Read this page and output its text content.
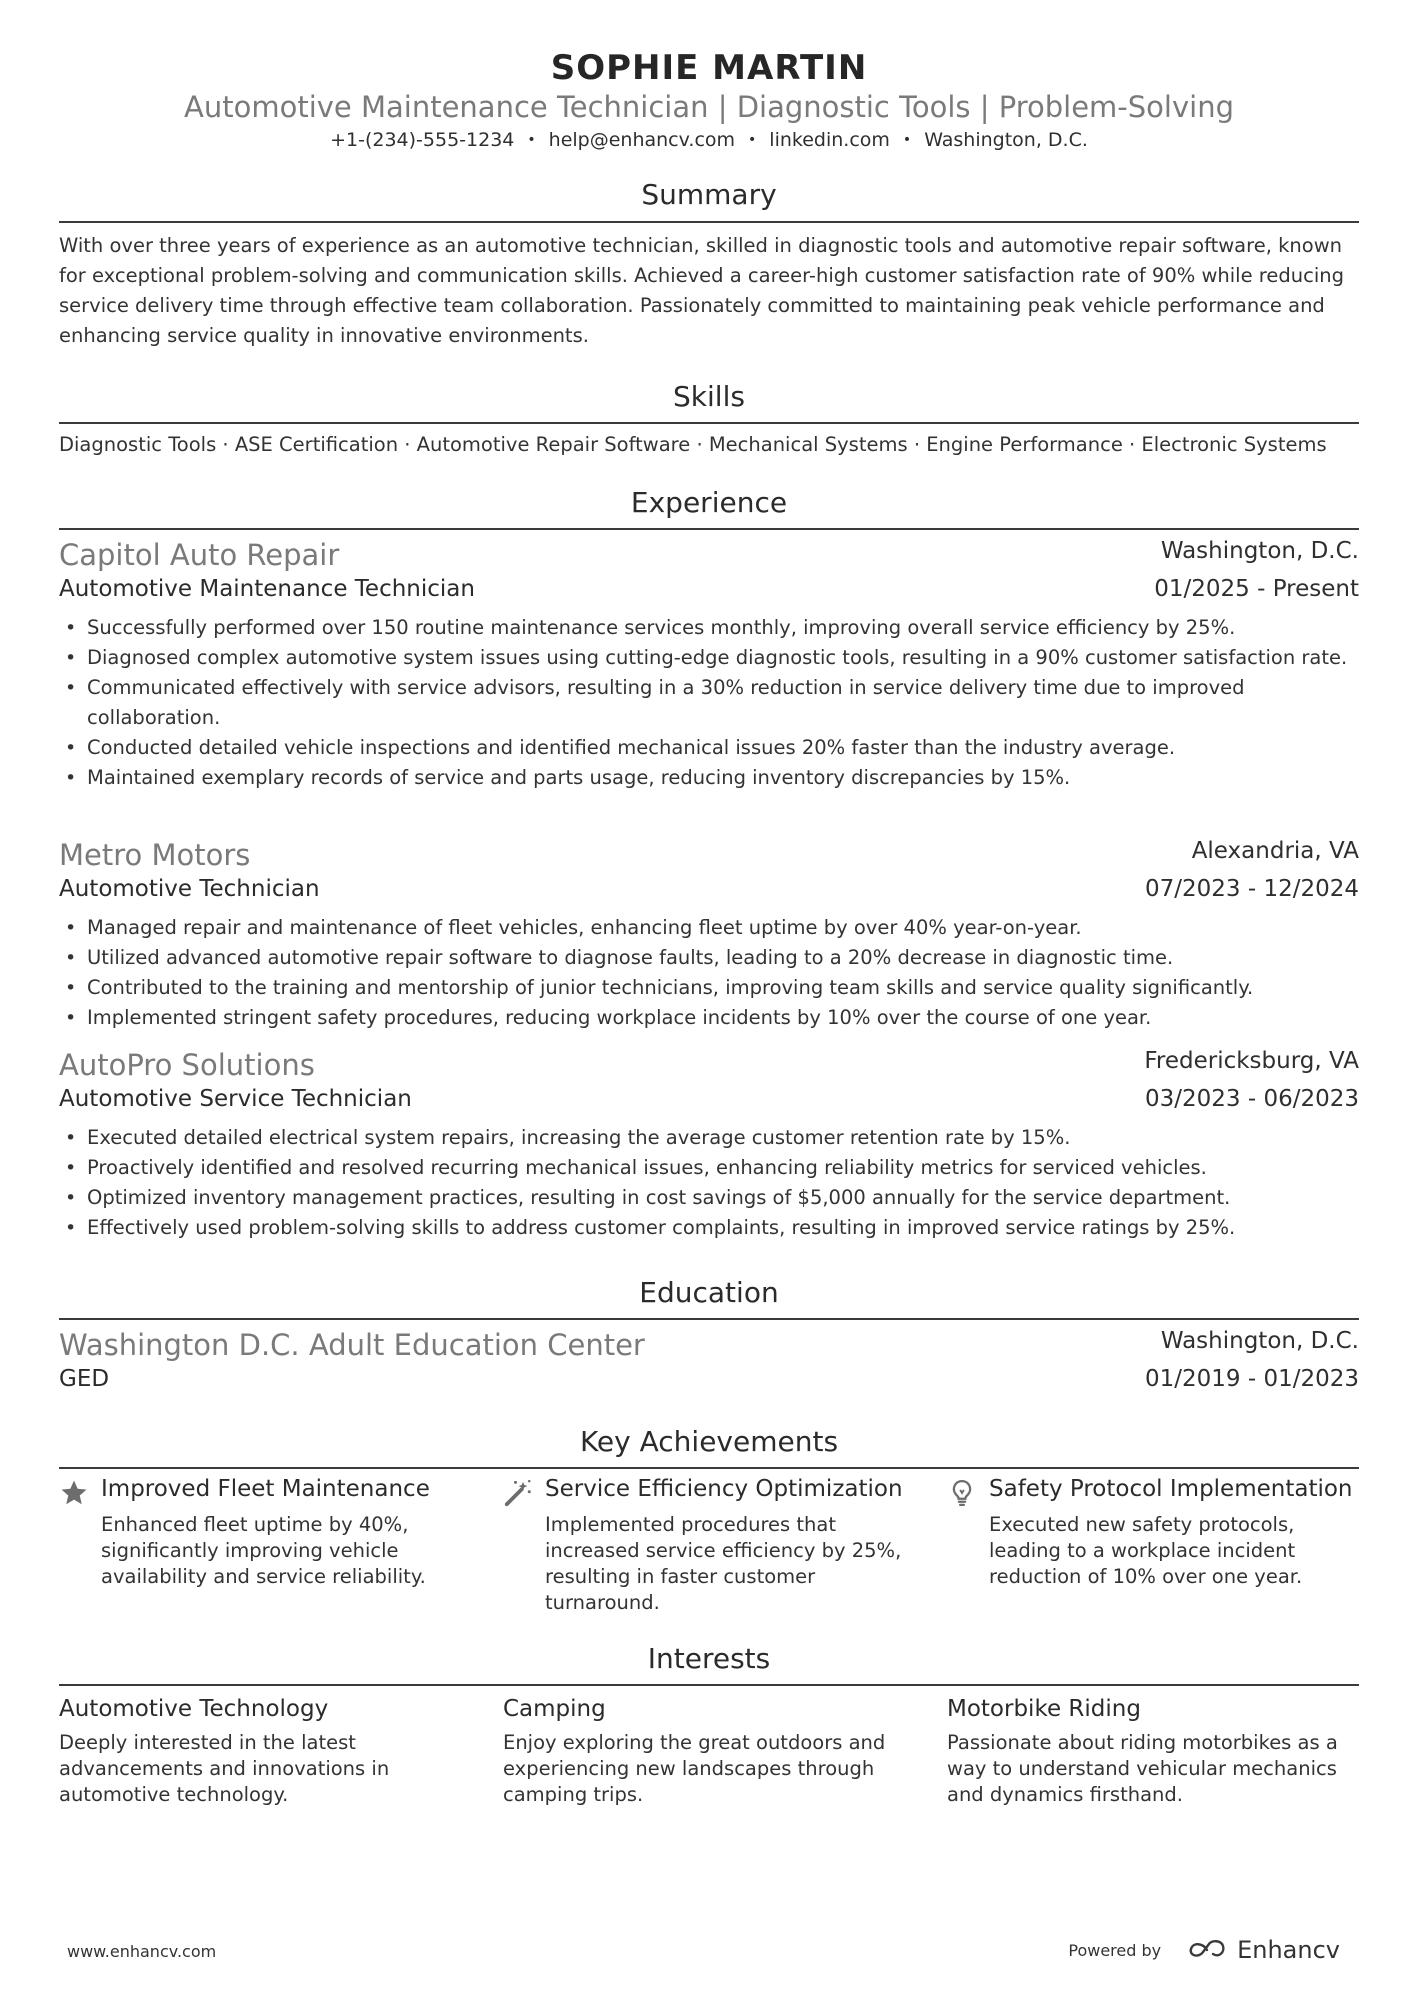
SOPHIE MARTIN
Automotive Maintenance Technician | Diagnostic Tools | Problem-Solving
+1-(234)-555-1234 • help@enhancv.com • linkedin.com • Washington, D.C.
Summary
With over three years of experience as an automotive technician, skilled in diagnostic tools and automotive repair software, known for exceptional problem-solving and communication skills. Achieved a career-high customer satisfaction rate of 90% while reducing service delivery time through effective team collaboration. Passionately committed to maintaining peak vehicle performance and enhancing service quality in innovative environments.
Skills
Diagnostic Tools · ASE Certification · Automotive Repair Software · Mechanical Systems · Engine Performance · Electronic Systems
Experience
Capitol Auto Repair	Washington, D.C.
Automotive Maintenance Technician	01/2025 - Present
• Successfully performed over 150 routine maintenance services monthly, improving overall service efficiency by 25%.
• Diagnosed complex automotive system issues using cutting-edge diagnostic tools, resulting in a 90% customer satisfaction rate.
• Communicated effectively with service advisors, resulting in a 30% reduction in service delivery time due to improved collaboration.
• Conducted detailed vehicle inspections and identified mechanical issues 20% faster than the industry average.
• Maintained exemplary records of service and parts usage, reducing inventory discrepancies by 15%.
Metro Motors	Alexandria, VA
Automotive Technician	07/2023 - 12/2024
• Managed repair and maintenance of fleet vehicles, enhancing fleet uptime by over 40% year-on-year.
• Utilized advanced automotive repair software to diagnose faults, leading to a 20% decrease in diagnostic time.
• Contributed to the training and mentorship of junior technicians, improving team skills and service quality significantly.
• Implemented stringent safety procedures, reducing workplace incidents by 10% over the course of one year.
AutoPro Solutions	Fredericksburg, VA
Automotive Service Technician	03/2023 - 06/2023
• Executed detailed electrical system repairs, increasing the average customer retention rate by 15%.
• Proactively identified and resolved recurring mechanical issues, enhancing reliability metrics for serviced vehicles.
• Optimized inventory management practices, resulting in cost savings of $5,000 annually for the service department.
• Effectively used problem-solving skills to address customer complaints, resulting in improved service ratings by 25%.
Education
Washington D.C. Adult Education Center	Washington, D.C.
GED	01/2019 - 01/2023
Key Achievements
Improved Fleet Maintenance
Enhanced fleet uptime by 40%, significantly improving vehicle availability and service reliability.
Service Efficiency Optimization
Implemented procedures that increased service efficiency by 25%, resulting in faster customer turnaround.
Safety Protocol Implementation
Executed new safety protocols, leading to a workplace incident reduction of 10% over one year.
Interests
Automotive Technology
Deeply interested in the latest advancements and innovations in automotive technology.
Camping
Enjoy exploring the great outdoors and experiencing new landscapes through camping trips.
Motorbike Riding
Passionate about riding motorbikes as a way to understand vehicular mechanics and dynamics firsthand.
www.enhancv.com	Powered by	Enhancv
